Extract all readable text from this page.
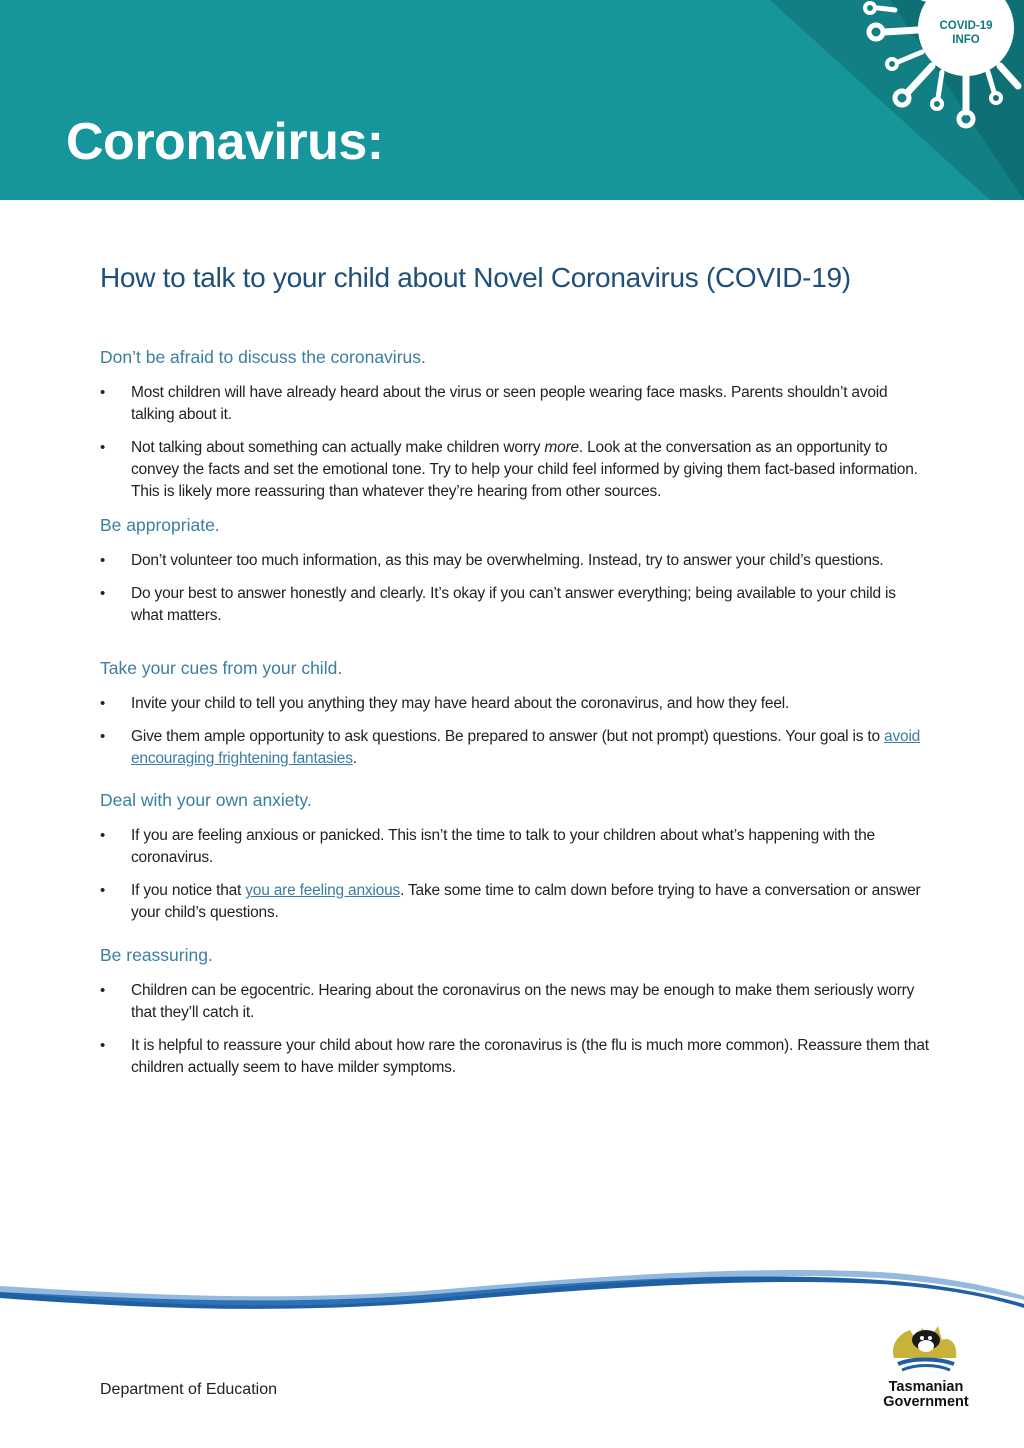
COVID-19
INFO
Coronavirus:
How to talk to your child about Novel Coronavirus (COVID-19)
Don’t be afraid to discuss the coronavirus.
• Most children will have already heard about the virus or seen people wearing face masks. Parents shouldn’t avoid talking about it.
• Not talking about something can actually make children worry more. Look at the conversation as an opportunity to convey the facts and set the emotional tone. Try to help your child feel informed by giving them fact-based information. This is likely more reassuring than whatever they’re hearing from other sources.
Be appropriate.
• Don’t volunteer too much information, as this may be overwhelming. Instead, try to answer your child’s questions.
• Do your best to answer honestly and clearly. It’s okay if you can’t answer everything; being available to your child is what matters.
Take your cues from your child.
• Invite your child to tell you anything they may have heard about the coronavirus, and how they feel.
• Give them ample opportunity to ask questions. Be prepared to answer (but not prompt) questions. Your goal is to avoid encouraging frightening fantasies.
Deal with your own anxiety.
• If you are feeling anxious or panicked. This isn’t the time to talk to your children about what’s happening with the coronavirus.
• If you notice that you are feeling anxious. Take some time to calm down before trying to have a conversation or answer your child’s questions.
Be reassuring.
• Children can be egocentric. Hearing about the coronavirus on the news may be enough to make them seriously worry that they’ll catch it.
• It is helpful to reassure your child about how rare the coronavirus is (the flu is much more common). Reassure them that children actually seem to have milder symptoms.
Department of Education	Tasmanian
Government
